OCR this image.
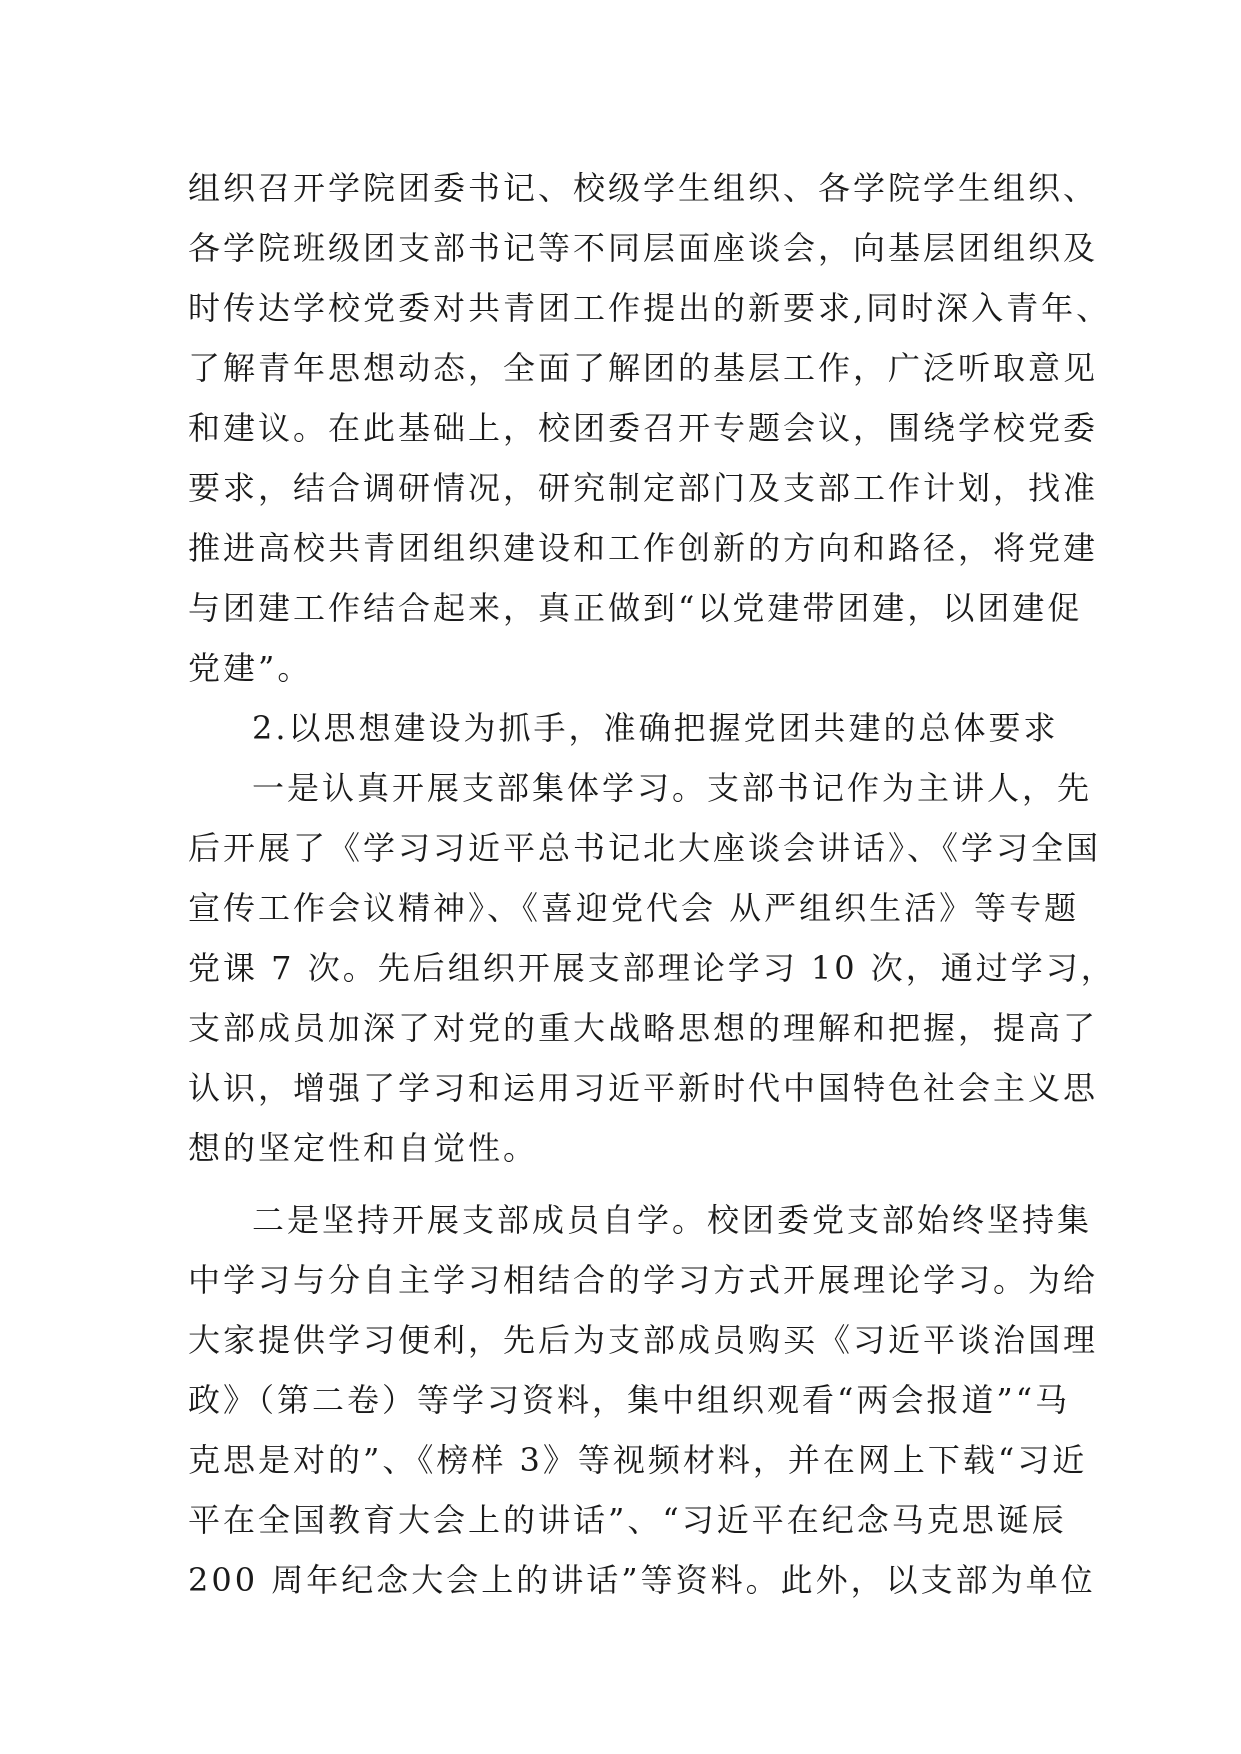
组织召开学院团委书记、校级学生组织、各学院学生组织、
各学院班级团支部书记等不同层面座谈会，向基层团组织及
时传达学校党委对共青团工作提出的新要求,同时深入青年、
了解青年思想动态，全面了解团的基层工作，广泛听取意见
和建议。在此基础上，校团委召开专题会议，围绕学校党委
要求，结合调研情况，研究制定部门及支部工作计划，找准
推进高校共青团组织建设和工作创新的方向和路径，将党建
与团建工作结合起来，真正做到“以党建带团建，以团建促
党建”。
2.以思想建设为抓手，准确把握党团共建的总体要求
一是认真开展支部集体学习。支部书记作为主讲人，先
后开展了《学习习近平总书记北大座谈会讲话》、《学习全国
宣传工作会议精神》、《喜迎党代会 从严组织生活》等专题
党课 7 次。先后组织开展支部理论学习 10 次，通过学习，
支部成员加深了对党的重大战略思想的理解和把握，提高了
认识，增强了学习和运用习近平新时代中国特色社会主义思
想的坚定性和自觉性。
二是坚持开展支部成员自学。校团委党支部始终坚持集
中学习与分自主学习相结合的学习方式开展理论学习。为给
大家提供学习便利，先后为支部成员购买《习近平谈治国理
政》（第二卷）等学习资料，集中组织观看“两会报道”“马
克思是对的”、《榜样 3》等视频材料，并在网上下载“习近
平在全国教育大会上的讲话”、“习近平在纪念马克思诞辰
200 周年纪念大会上的讲话”等资料。此外，以支部为单位
